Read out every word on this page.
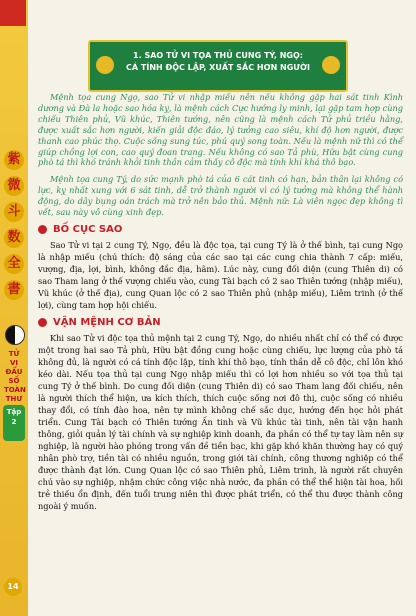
紫
微
斗
数
全
書
TỬ VI ĐẨU SỐ TOÀN THƯ
Tập
2
14
1. SAO TỬ VI TỌA THỦ CUNG TÝ, NGỌ:
CÁ TÍNH ĐỘC LẬP, XUẤT SẮC HƠN NGƯỜI

Mệnh tọa cung Ngọ, sao Tử vi nhập miếu nên nếu không gặp hai sát tinh Kình dương và Đà la hoặc sao hóa kỵ, là mệnh cách Cực hướng ly minh, lại gặp tam hợp cùng chiếu Thiên phủ, Vũ khúc, Thiên tướng, nên cũng là mệnh cách Tử phủ triều hằng, được xuất sắc hơn người, kiến giải độc đáo, lý tưởng cao siêu, khí độ hơn người, được thanh cao phúc thọ. Cuộc sống sung túc, phú quý song toàn. Nếu là mệnh nữ thì có thể giúp chồng lợi con, cao quý đoan trang. Nếu không có sao Tả phù, Hữu bật cùng cung phò tá thì khó tránh khỏi tinh thần cảm thấy cô độc mà tính khí khá thô bạo.

Mệnh tọa cung Tý, do sức mạnh phò tá của 6 cát tinh có hạn, bản thân lại không có lực, kỵ nhất xung với 6 sát tinh, dễ trở thành người vì có lý tưởng mà không thể hành động, do dây bụng oán trách mà trở nên bảo thủ. Mệnh nữ: Là viên ngọc đẹp không tì vết, sau này vô cùng xinh đẹp.

BỐ CỤC SAO

Sao Tử vi tại 2 cung Tý, Ngọ, đều là độc tọa, tại cung Tý là ở thế bình, tại cung Ngọ là nhập miếu (chú thích: độ sáng của các sao tại các cung chia thành 7 cấp: miếu, vượng, địa, lợi, bình, không đắc địa, hãm). Lúc này, cung đối diện (cung Thiên di) có sao Tham lang ở thế vượng chiếu vào, cung Tài bạch có 2 sao Thiên tướng (nhập miếu), Vũ khúc (ở thế địa), cung Quan lộc có 2 sao Thiên phủ (nhập miếu), Liêm trinh (ở thế lợi), cùng tam hợp hội chiếu.

VẬN MỆNH CƠ BẢN

Khi sao Tử vi độc tọa thủ mệnh tại 2 cung Tý, Ngọ, do nhiều nhất chỉ có thể có được một trong hai sao Tả phù, Hữu bật đồng cung hoặc cùng chiếu, lực lượng của phò tá không đủ, là người có cá tính độc lập, tính khí thô bạo, tính thần dễ cô độc, chỉ lôn khó kéo dài. Nếu tọa thủ tại cung Ngọ nhập miếu thì có lợi hơn nhiều so với tọa thủ tại cung Tý ở thế bình. Do cung đối diện (cung Thiên di) có sao Tham lang đối chiếu, nên là người thích thể hiện, ưa kích thích, thích cuộc sống nơi đô thị, cuộc sống có nhiều thay đổi, có tính đào hoa, nên tự mình không chế sắc dục, hướng đến học hỏi phát triển. Cung Tài bạch có Thiên tướng Ấn tinh và Vũ khúc tài tinh, nên tài vận hanh thông, giỏi quản lý tài chính và sự nghiệp kinh doanh, đa phần có thể tự tay làm nên sự nghiệp, là người hào phóng trong vấn đề tiền bạc, khi gặp khó khăn thường hay có quý nhân phò trợ, tiền tài có nhiều nguồn, trong giới tài chính, công thương nghiệp có thể được thành đạt lớn. Cung Quan lộc có sao Thiên phủ, Liêm trinh, là người rất chuyên chú vào sự nghiệp, nhậm chức công việc nhà nước, đa phần có thể thể hiện tài hoa, hối trẻ thiếu ổn định, đến tuổi trung niên thì được phát triển, có thể thu được thành công ngoài ý muốn.
